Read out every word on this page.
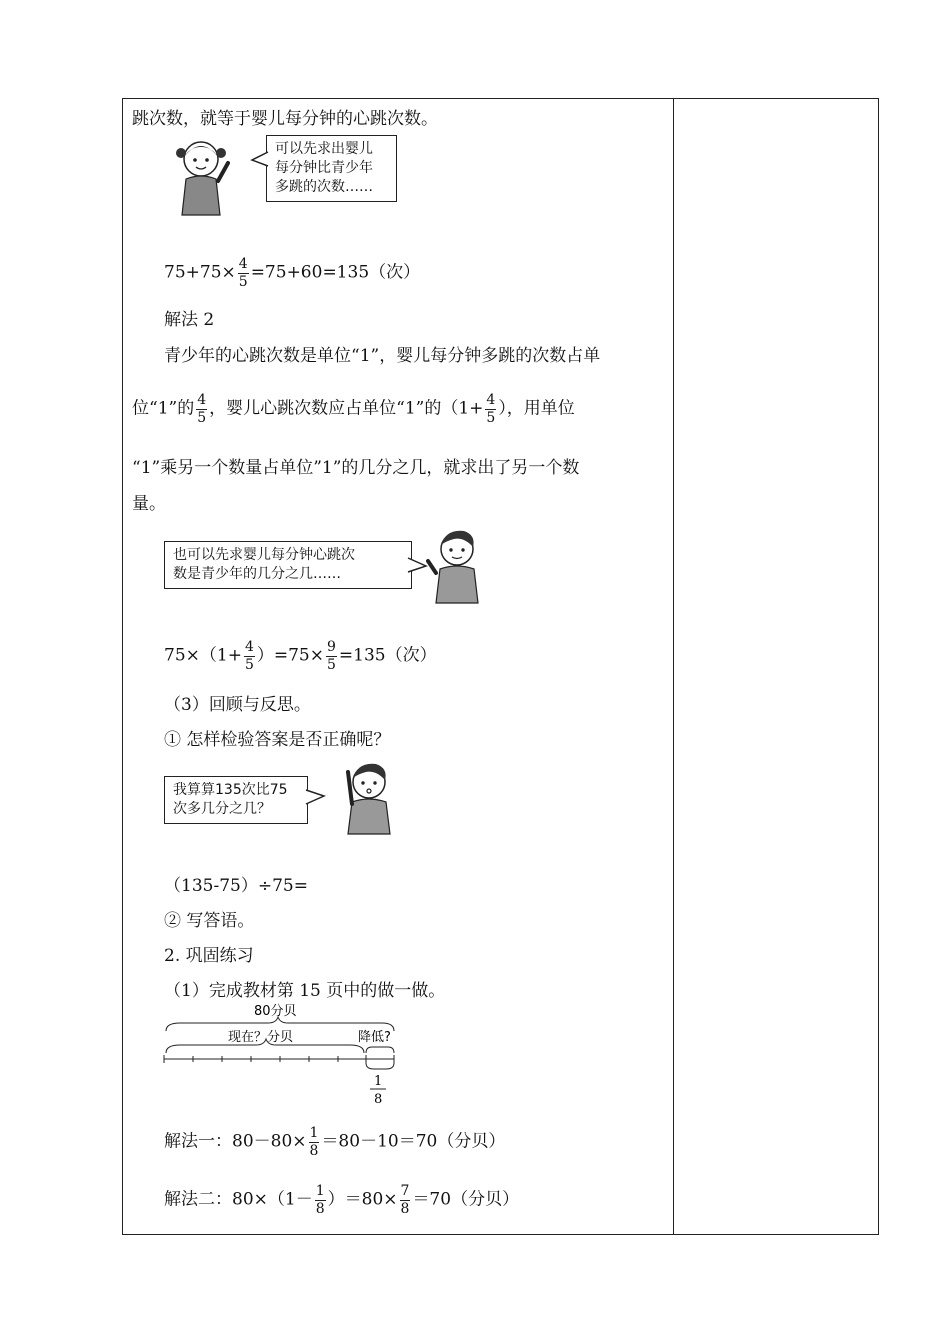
跳次数，就等于婴儿每分钟的心跳次数。
可以先求出婴儿
每分钟比青少年
多跳的次数……
$75+75\times \frac{4}{5} =75+60=135$（次）
解法 2
青少年的心跳次数是单位“1”，婴儿每分钟多跳的次数占单
位“1”的 $\frac{4}{5}$ ，婴儿心跳次数应占单位“1”的（$1+ \frac{4}{5}$ ），用单位
“1”乘另一个数量占单位”1”的几分之几，就求出了另一个数
量。
也可以先求婴儿每分钟心跳次
数是青少年的几分之几……
$75\times(1+ \frac{4}{5} )=75\times \frac{9}{5} =135$（次）
（3）回顾与反思。
① 怎样检验答案是否正确呢？
我算算135次比75
次多几分之几？
（135-75）÷75=
② 写答语。
2. 巩固练习
（1）完成教材第 15 页中的做一做。
80分贝
现在？分贝	降低?
1
8
解法一：$80-80\times \frac{1}{8} =80-10=70$（分贝）
解法二：$80\times(1- \frac{1}{8} )=80\times \frac{7}{8} =70$（分贝）
